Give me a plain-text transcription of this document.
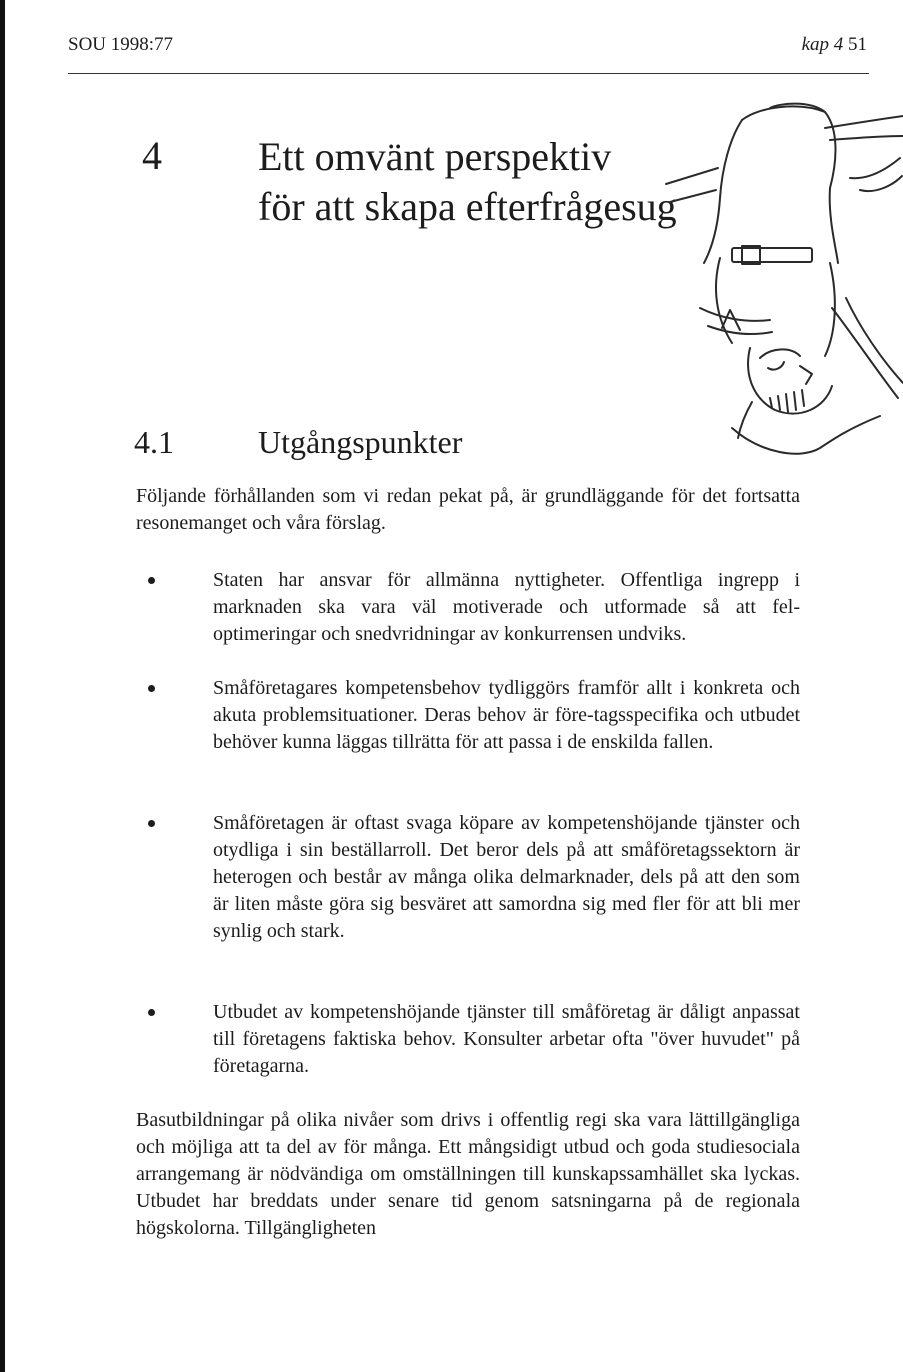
SOU 1998:77	kap 4 51
4 Ett omvänt perspektiv
för att skapa efterfrågesug
4.1	Utgångspunkter

Följande förhållanden som vi redan pekat på, är grundläggande för det fortsatta resonemanget och våra förslag.

Staten har ansvar för allmänna nyttigheter. Offentliga ingrepp i marknaden ska vara väl motiverade och utformade så att fel-optimeringar och snedvridningar av konkurrensen undviks.
Småföretagares kompetensbehov tydliggörs framför allt i konkreta och akuta problemsituationer. Deras behov är före-tagsspecifika och utbudet behöver kunna läggas tillrätta för att passa i de enskilda fallen.
Småföretagen är oftast svaga köpare av kompetenshöjande tjänster och otydliga i sin beställarroll. Det beror dels på att småföretagssektorn är heterogen och består av många olika delmarknader, dels på att den som är liten måste göra sig besväret att samordna sig med fler för att bli mer synlig och stark.
Utbudet av kompetenshöjande tjänster till småföretag är dåligt anpassat till företagens faktiska behov. Konsulter arbetar ofta "över huvudet" på företagarna.

Basutbildningar på olika nivåer som drivs i offentlig regi ska vara lättillgängliga och möjliga att ta del av för många. Ett mångsidigt utbud och goda studiesociala arrangemang är nödvändiga om omställningen till kunskapssamhället ska lyckas. Utbudet har breddats under senare tid genom satsningarna på de regionala högskolorna. Tillgängligheten
